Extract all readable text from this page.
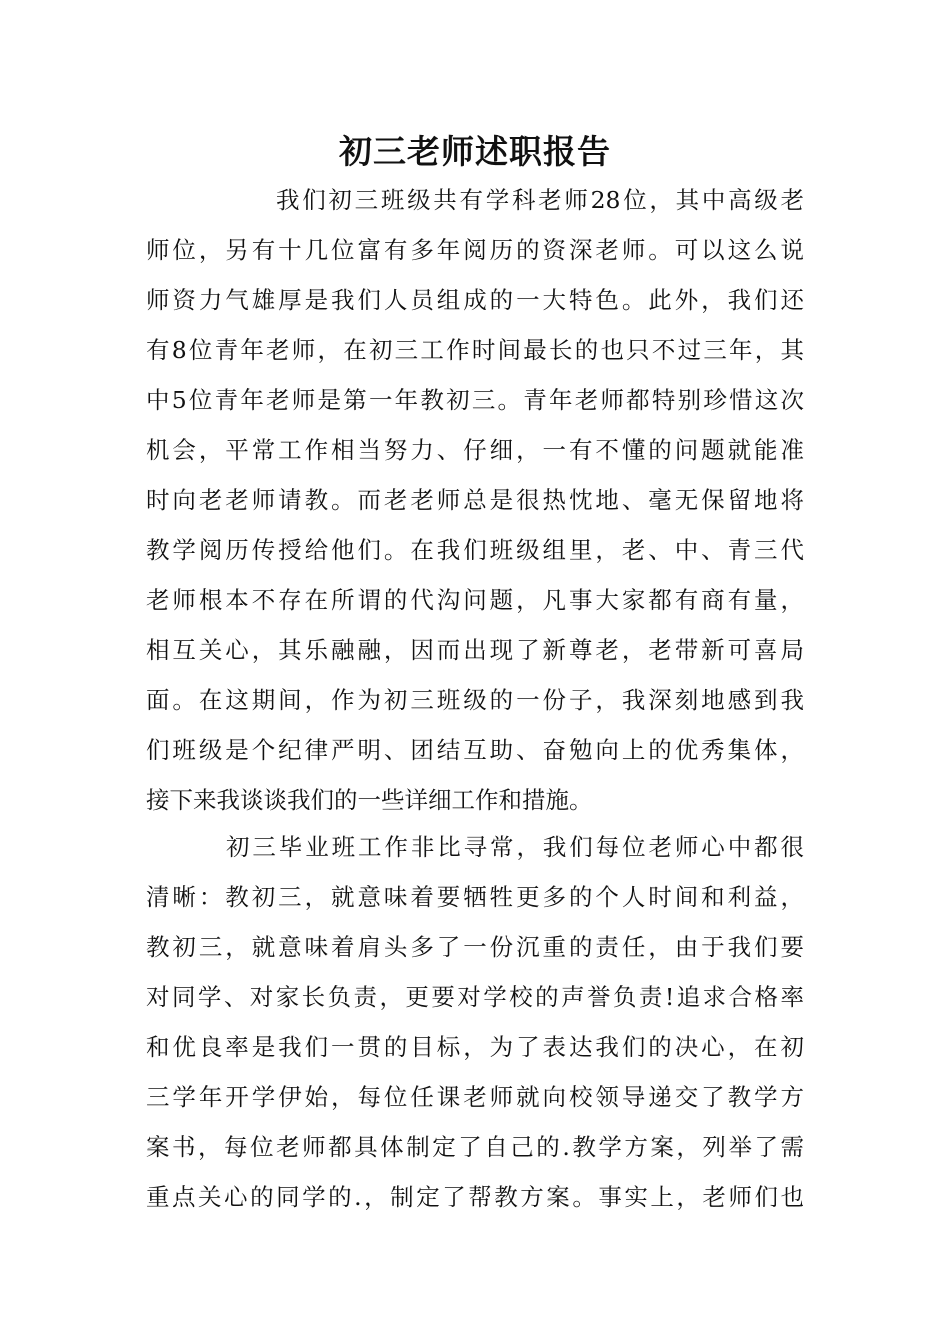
初三老师述职报告
我们初三班级共有学科老师28位，其中高级老
师位，另有十几位富有多年阅历的资深老师。可以这么说
师资力气雄厚是我们人员组成的一大特色。此外，我们还
有8位青年老师，在初三工作时间最长的也只不过三年，其
中5位青年老师是第一年教初三。青年老师都特别珍惜这次
机会，平常工作相当努力、仔细，一有不懂的问题就能准
时向老老师请教。而老老师总是很热忱地、毫无保留地将
教学阅历传授给他们。在我们班级组里，老、中、青三代
老师根本不存在所谓的代沟问题，凡事大家都有商有量，
相互关心，其乐融融，因而出现了新尊老，老带新可喜局
面。在这期间，作为初三班级的一份子，我深刻地感到我
们班级是个纪律严明、团结互助、奋勉向上的优秀集体，
接下来我谈谈我们的一些详细工作和措施。
初三毕业班工作非比寻常，我们每位老师心中都很
清晰：教初三，就意味着要牺牲更多的个人时间和利益，
教初三，就意味着肩头多了一份沉重的责任，由于我们要
对同学、对家长负责，更要对学校的声誉负责!追求合格率
和优良率是我们一贯的目标，为了表达我们的决心，在初
三学年开学伊始，每位任课老师就向校领导递交了教学方
案书，每位老师都具体制定了自己的.教学方案，列举了需
重点关心的同学的.，制定了帮教方案。事实上，老师们也
